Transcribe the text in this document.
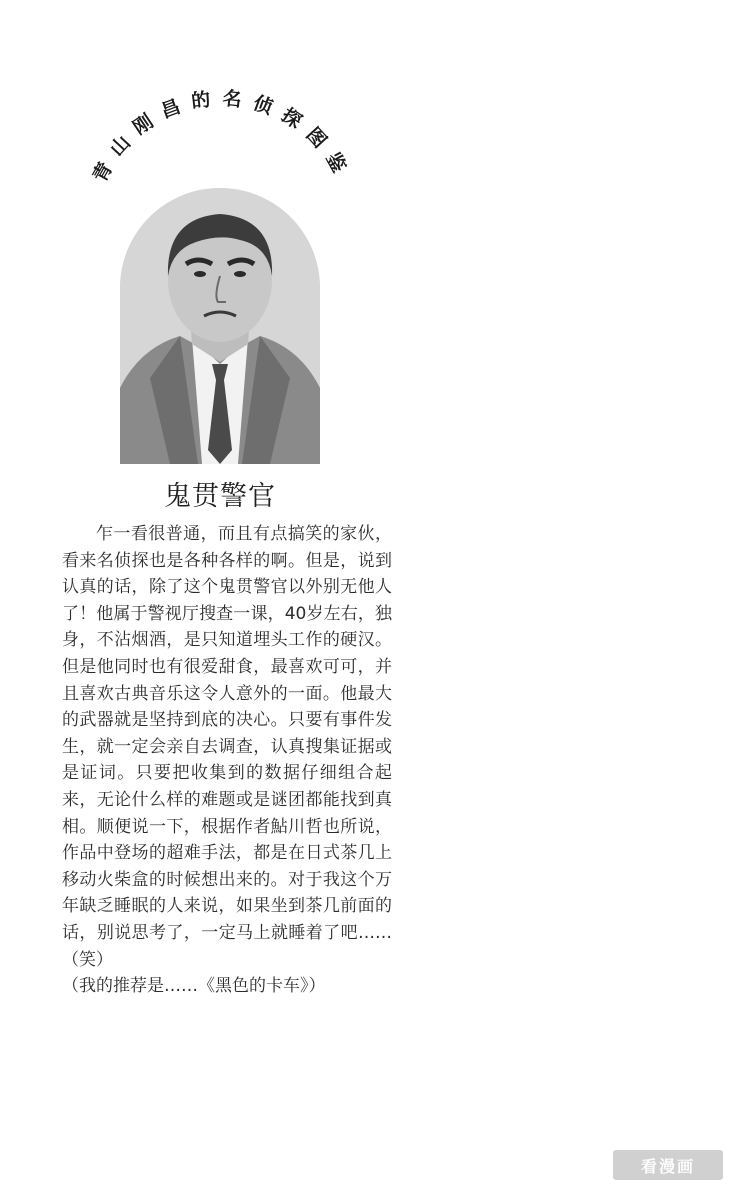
青山刚昌的名侦探图鉴
鬼贯警官

乍一看很普通，而且有点搞笑的家伙，看来名侦探也是各种各样的啊。但是，说到认真的话，除了这个鬼贯警官以外别无他人了！他属于警视厅搜查一课，40岁左右，独身，不沾烟酒，是只知道埋头工作的硬汉。但是他同时也有很爱甜食，最喜欢可可，并且喜欢古典音乐这令人意外的一面。他最大的武器就是坚持到底的决心。只要有事件发生，就一定会亲自去调查，认真搜集证据或是证词。只要把收集到的数据仔细组合起来，无论什么样的难题或是谜团都能找到真相。顺便说一下，根据作者鮎川哲也所说，作品中登场的超难手法，都是在日式茶几上移动火柴盒的时候想出来的。对于我这个万年缺乏睡眠的人来说，如果坐到茶几前面的话，别说思考了，一定马上就睡着了吧……（笑）

（我的推荐是……《黑色的卡车》）

看漫画
